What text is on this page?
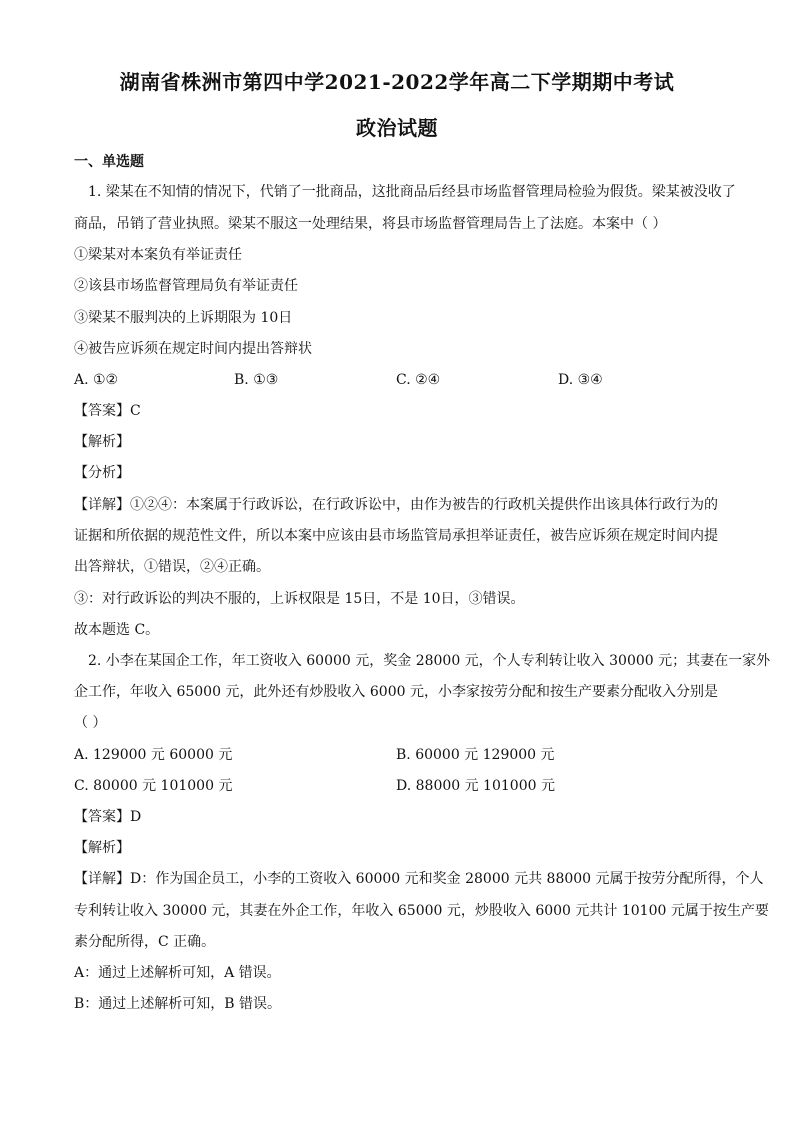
湖南省株洲市第四中学2021-2022学年高二下学期期中考试
政治试题
一、单选题
1. 梁某在不知情的情况下，代销了一批商品，这批商品后经县市场监督管理局检验为假货。梁某被没收了
商品，吊销了营业执照。梁某不服这一处理结果，将县市场监督管理局告上了法庭。本案中（ ）
①梁某对本案负有举证责任
②该县市场监督管理局负有举证责任
③梁某不服判决的上诉期限为 10日
④被告应诉须在规定时间内提出答辩状
A. ①②	B. ①③	C. ②④	D. ③④
【答案】C
【解析】
【分析】
【详解】①②④：本案属于行政诉讼，在行政诉讼中，由作为被告的行政机关提供作出该具体行政行为的
证据和所依据的规范性文件，所以本案中应该由县市场监管局承担举证责任，被告应诉须在规定时间内提
出答辩状，①错误，②④正确。
③：对行政诉讼的判决不服的，上诉权限是 15日，不是 10日，③错误。
故本题选 C。
2. 小李在某国企工作，年工资收入 60000 元，奖金 28000 元，个人专利转让收入 30000 元；其妻在一家外
企工作，年收入 65000 元，此外还有炒股收入 6000 元，小李家按劳分配和按生产要素分配收入分别是
（ ）
A. 129000 元 60000 元	B. 60000 元 129000 元
C. 80000 元 101000 元	D. 88000 元 101000 元
【答案】D
【解析】
【详解】D：作为国企员工，小李的工资收入 60000 元和奖金 28000 元共 88000 元属于按劳分配所得，个人
专利转让收入 30000 元，其妻在外企工作，年收入 65000 元，炒股收入 6000 元共计 10100 元属于按生产要
素分配所得，C 正确。
A：通过上述解析可知，A 错误。
B：通过上述解析可知，B 错误。
